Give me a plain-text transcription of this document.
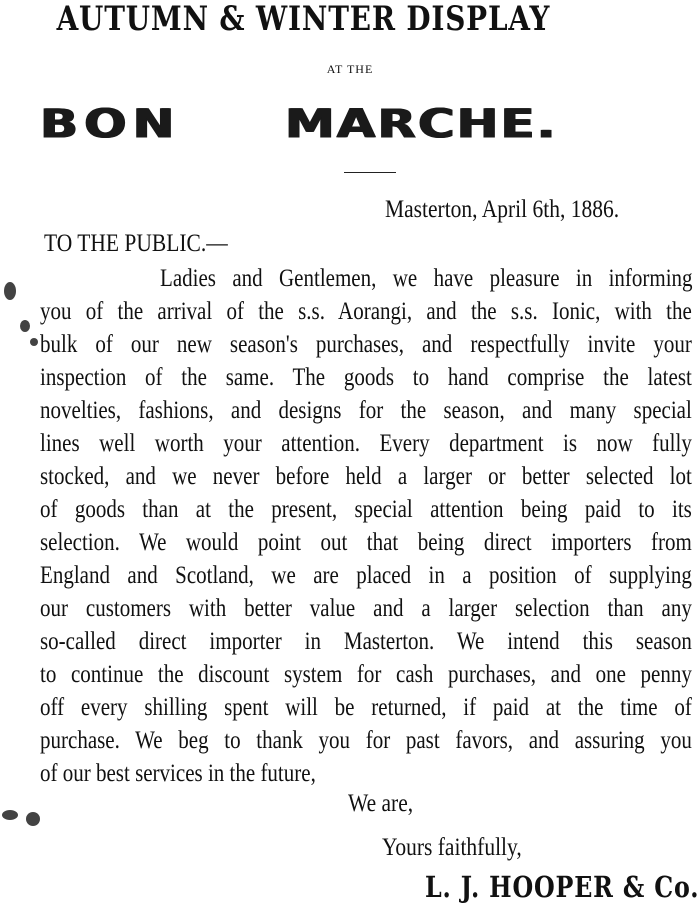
AUTUMN & WINTER DISPLAY
AT THE
BON MARCHE.
Masterton, April 6th, 1886.
TO THE PUBLIC.—
Ladies and Gentlemen, we have pleasure in informing
you of the arrival of the s.s. Aorangi, and the s.s. Ionic, with the
bulk of our new season's purchases, and respectfully invite your
inspection of the same. The goods to hand comprise the latest
novelties, fashions, and designs for the season, and many special
lines well worth your attention. Every department is now fully
stocked, and we never before held a larger or better selected lot
of goods than at the present, special attention being paid to its
selection. We would point out that being direct importers from
England and Scotland, we are placed in a position of supplying
our customers with better value and a larger selection than any
so-called direct importer in Masterton. We intend this season
to continue the discount system for cash purchases, and one penny
off every shilling spent will be returned, if paid at the time of
purchase. We beg to thank you for past favors, and assuring you
of our best services in the future,
We are,
Yours faithfully,
L. J. HOOPER & Co.
